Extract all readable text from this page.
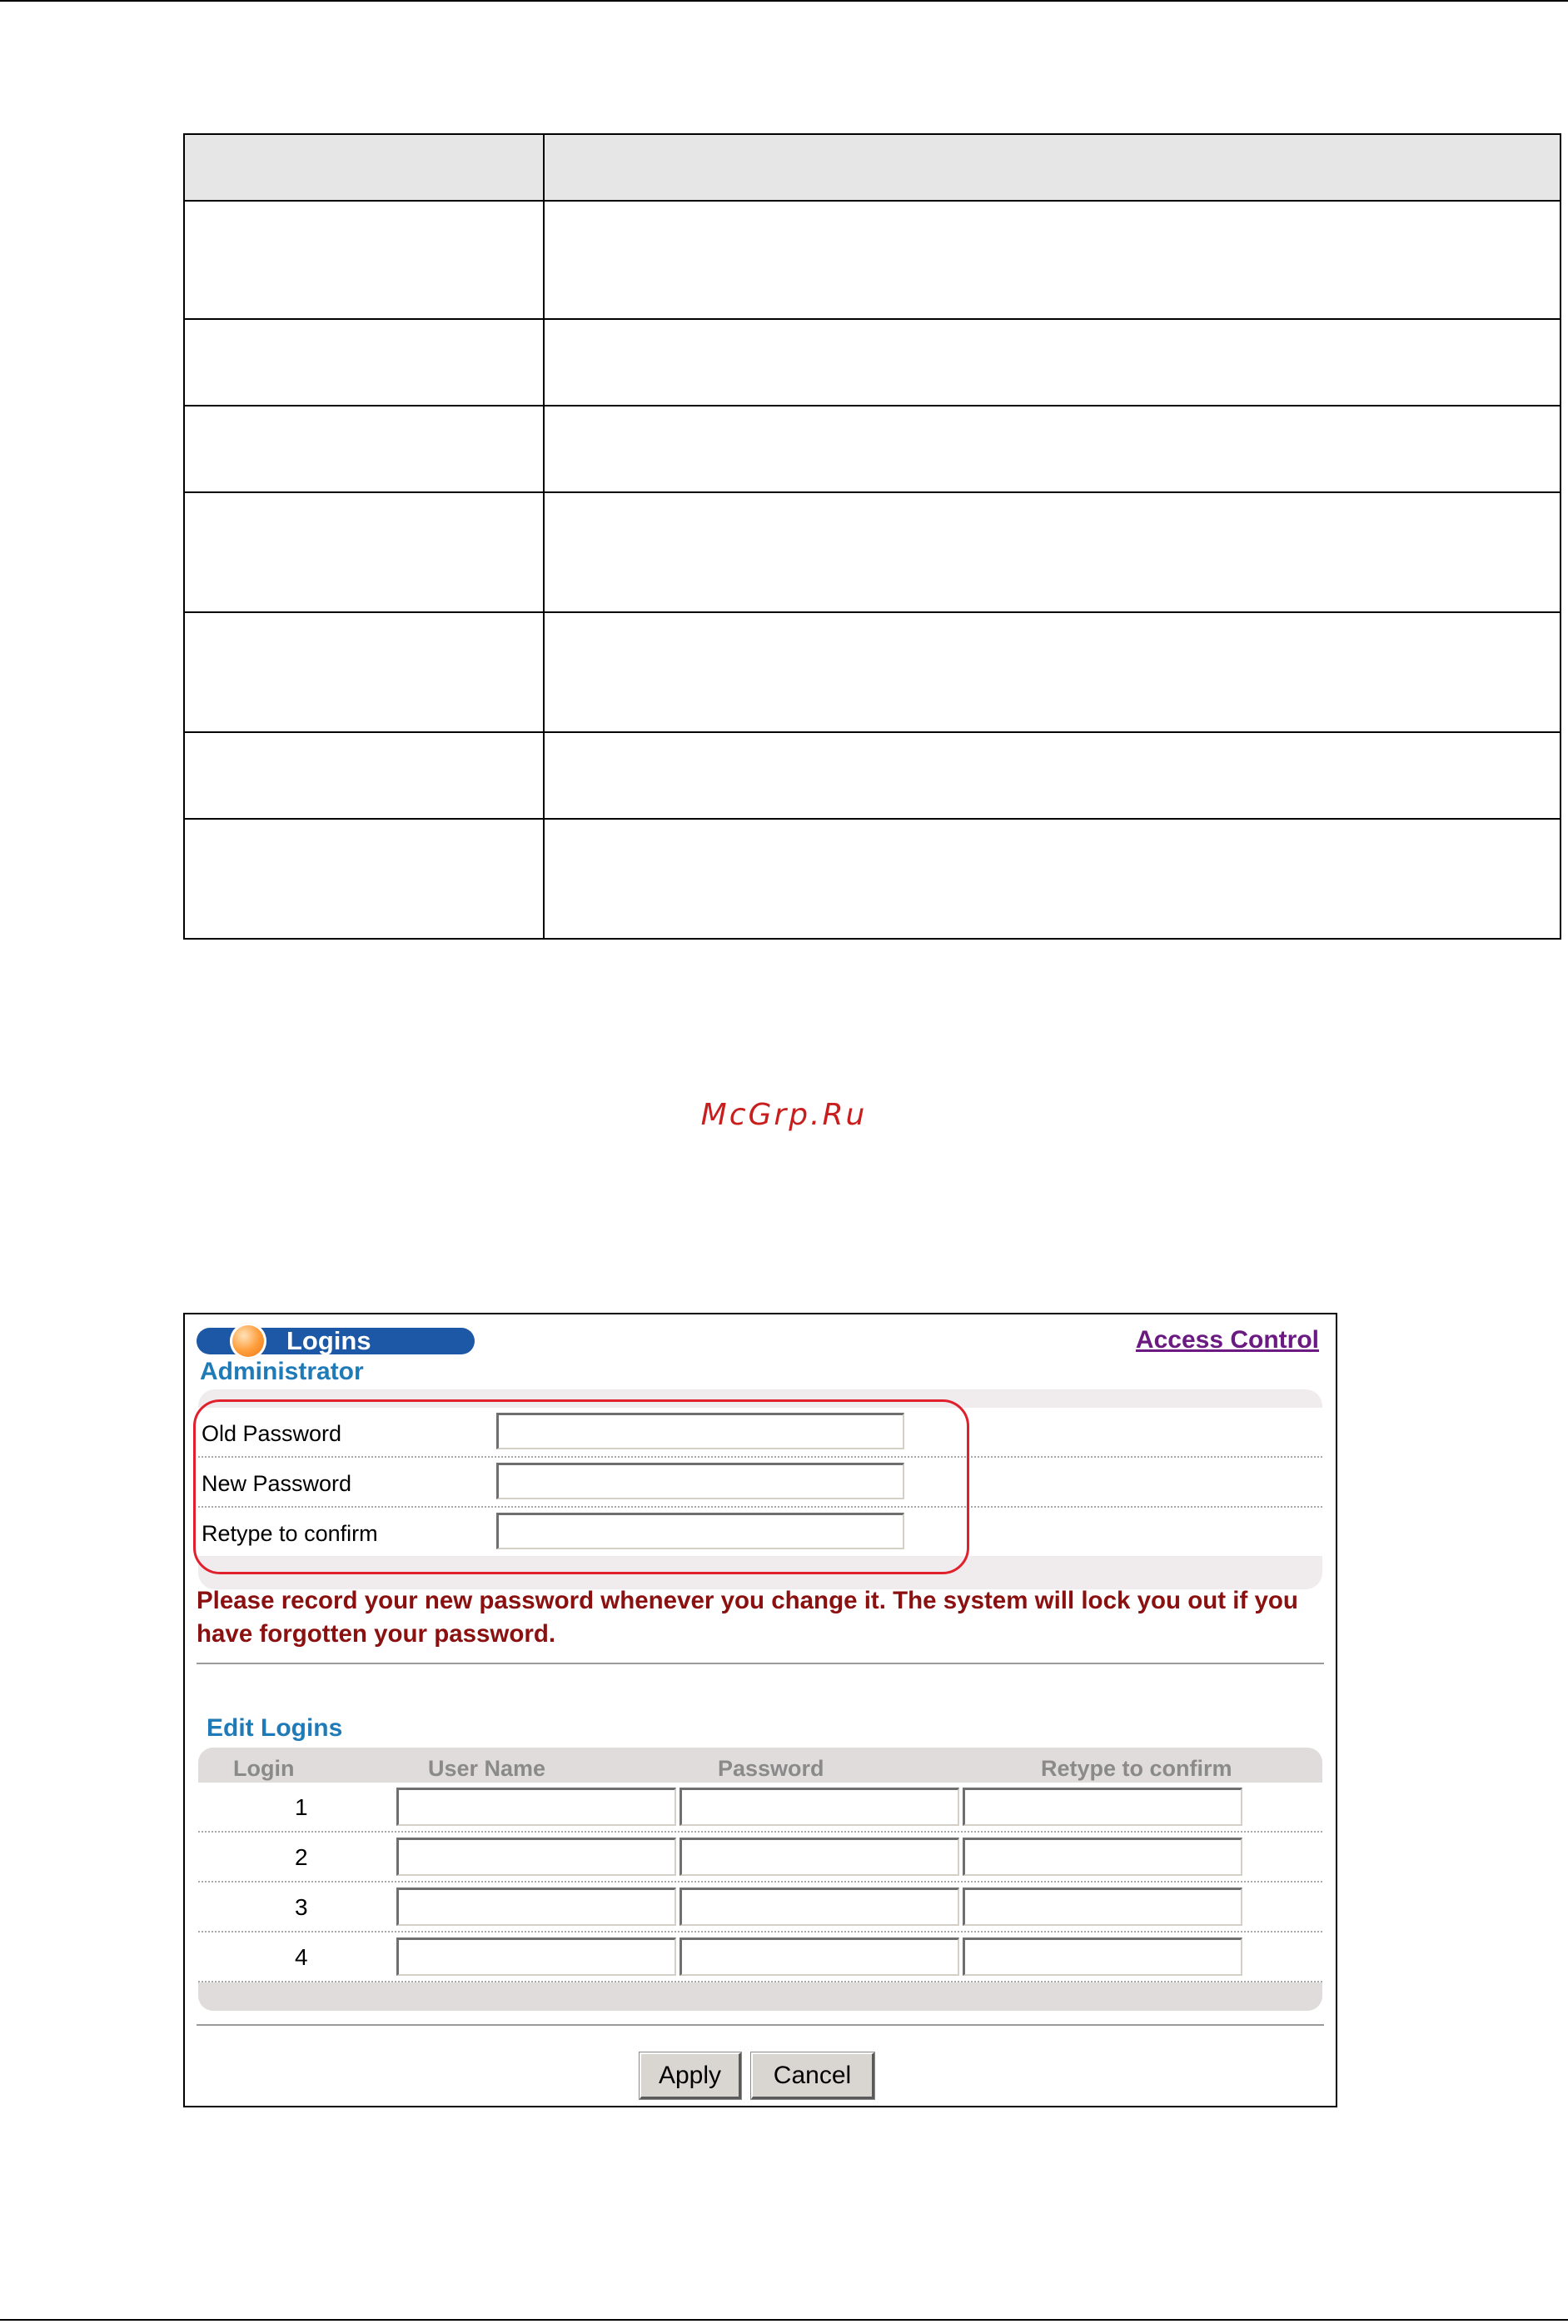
McGrp.Ru
Logins	Access Control
Administrator
Old Password
New Password
Retype to confirm
Please record your new password whenever you change it. The system will lock you out if you have forgotten your password.
Edit Logins
Login	User Name	Password	Retype to confirm
1
2
3
4
Apply	Cancel
